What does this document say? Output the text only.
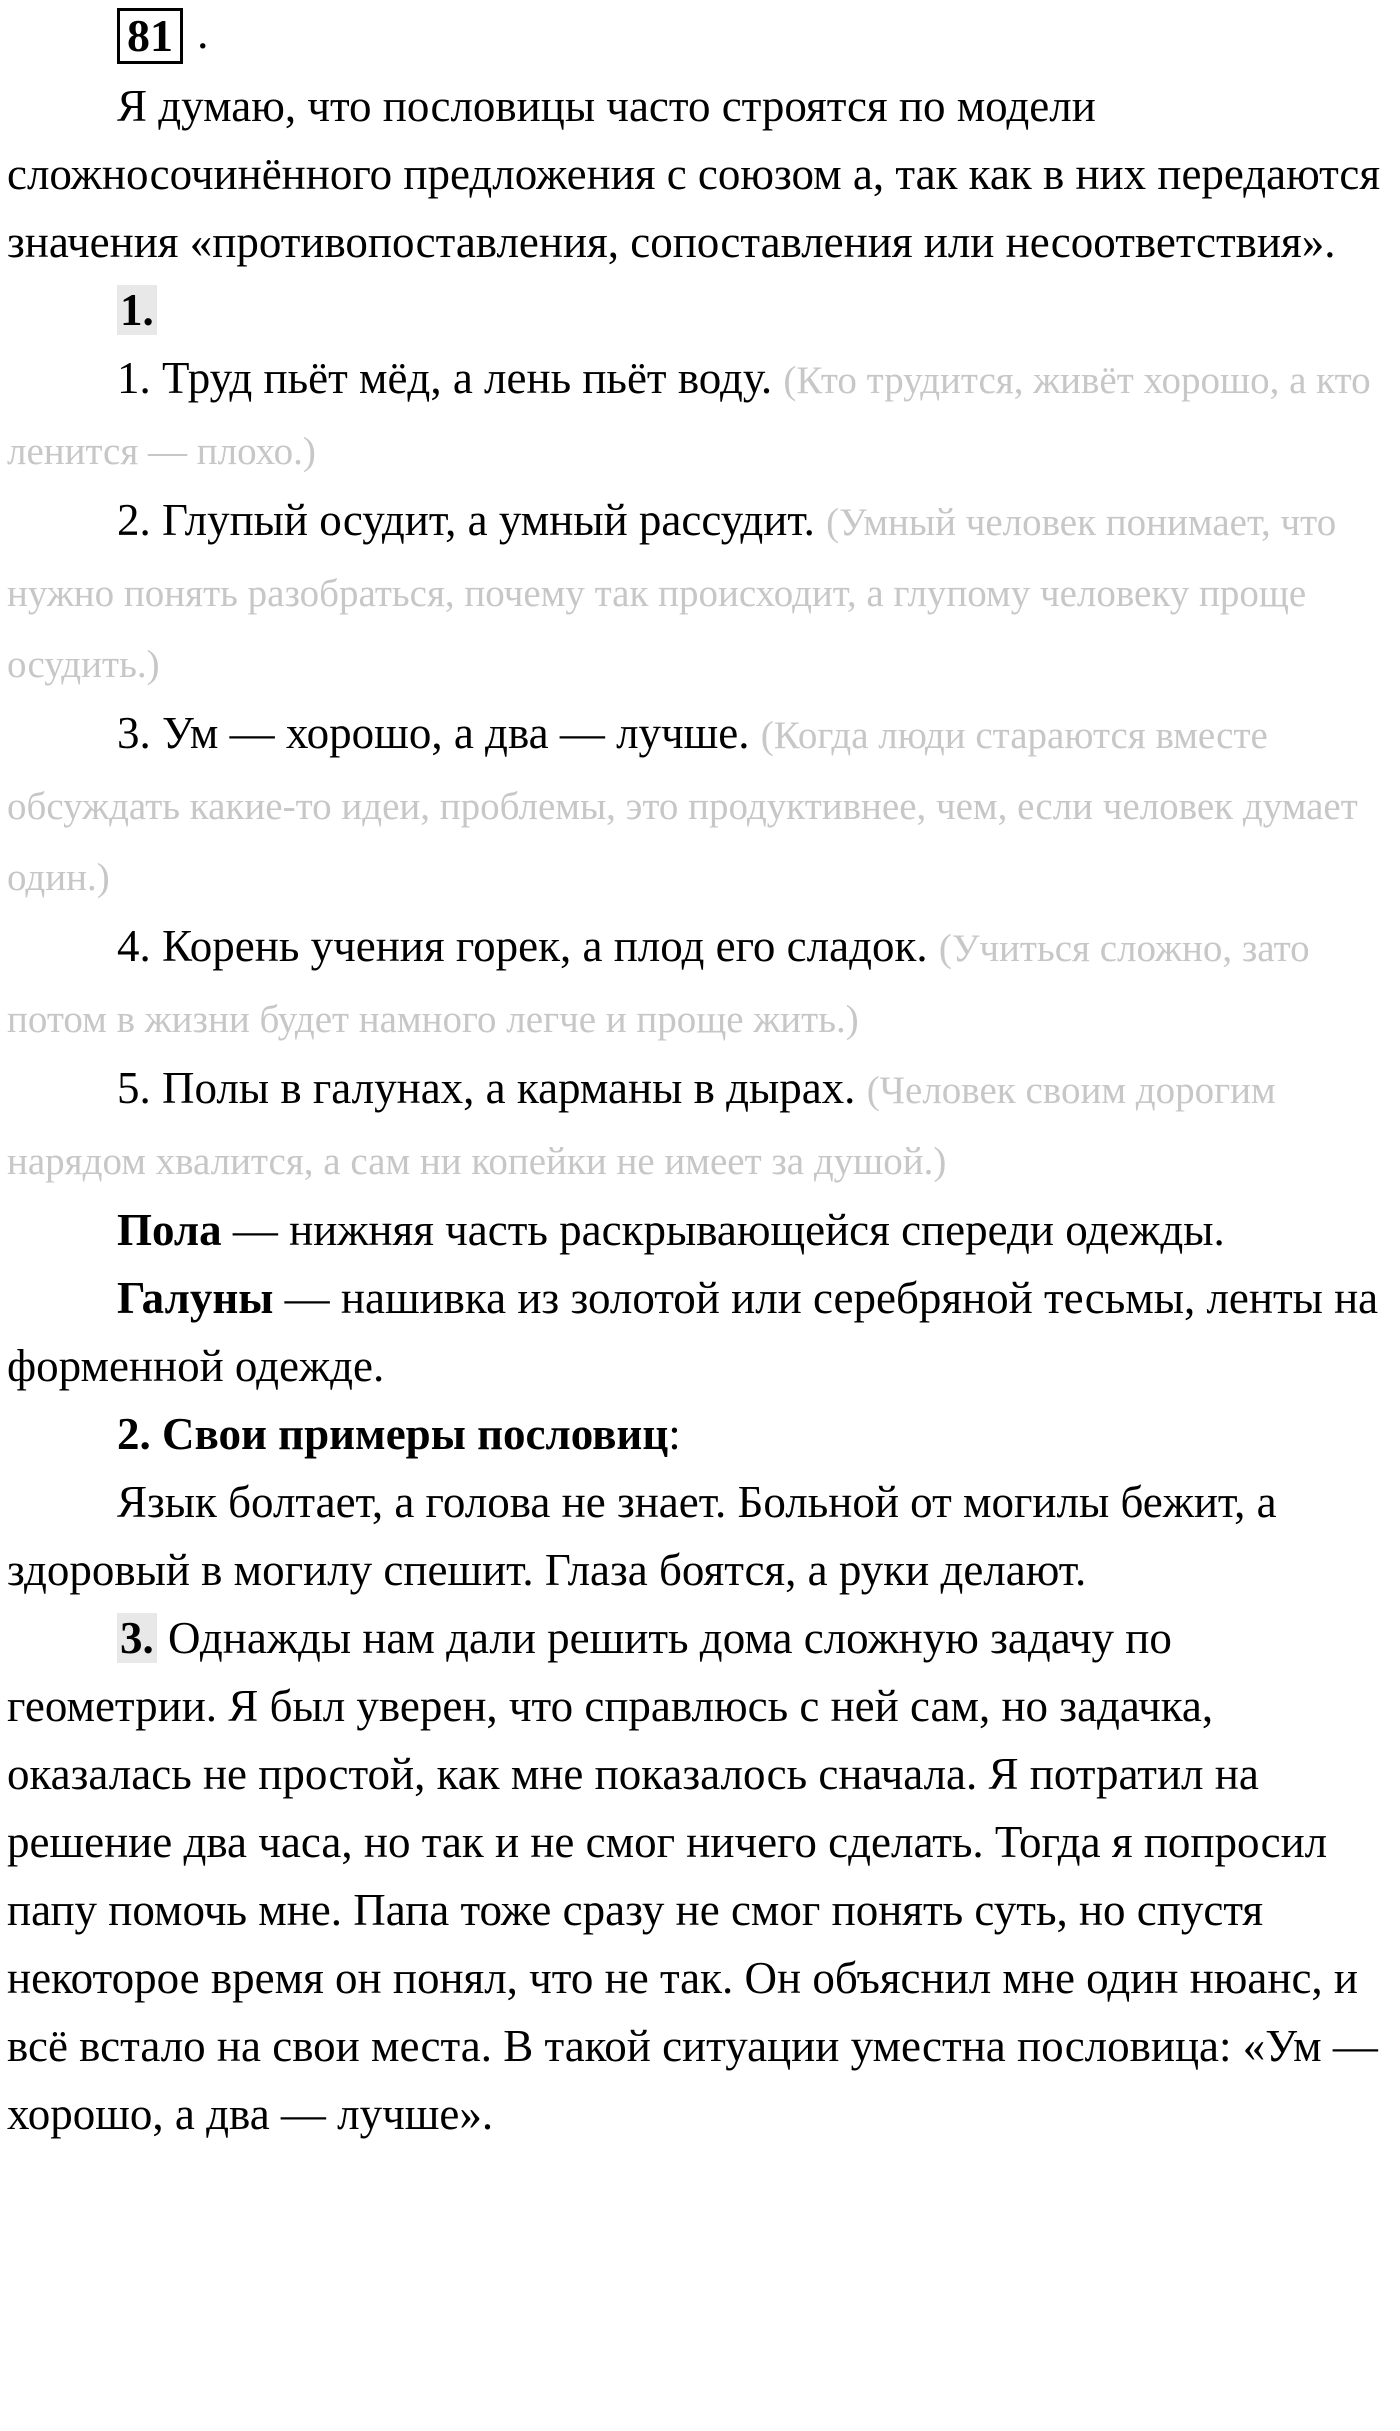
81 .

Я думаю, что пословицы часто строятся по модели сложносочинённого предложения с союзом а, так как в них передаются значения «противопоставления, сопоставления или несоответствия».

1.

1. Труд пьёт мёд, а лень пьёт воду. (Кто трудится, живёт хорошо, а кто ленится — плохо.)

2. Глупый осудит, а умный рассудит. (Умный человек понимает, что нужно понять разобраться, почему так происходит, а глупому человеку проще осудить.)

3. Ум — хорошо, а два — лучше. (Когда люди стараются вместе обсуждать какие-то идеи, проблемы, это продуктивнее, чем, если человек думает один.)

4. Корень учения горек, а плод его сладок. (Учиться сложно, зато потом в жизни будет намного легче и проще жить.)

5. Полы в галунах, а карманы в дырах. (Человек своим дорогим нарядом хвалится, а сам ни копейки не имеет за душой.)

Пола — нижняя часть раскрывающейся спереди одежды.

Галуны — нашивка из золотой или серебряной тесьмы, ленты на форменной одежде.

2. Свои примеры пословиц:

Язык болтает, а голова не знает. Больной от могилы бежит, а здоровый в могилу спешит. Глаза боятся, а руки делают.

3. Однажды нам дали решить дома сложную задачу по геометрии. Я был уверен, что справлюсь с ней сам, но задачка, оказалась не простой, как мне показалось сначала. Я потратил на решение два часа, но так и не смог ничего сделать. Тогда я попросил папу помочь мне. Папа тоже сразу не смог понять суть, но спустя некоторое время он понял, что не так. Он объяснил мне один нюанс, и всё встало на свои места. В такой ситуации уместна пословица: «Ум — хорошо, а два — лучше».
